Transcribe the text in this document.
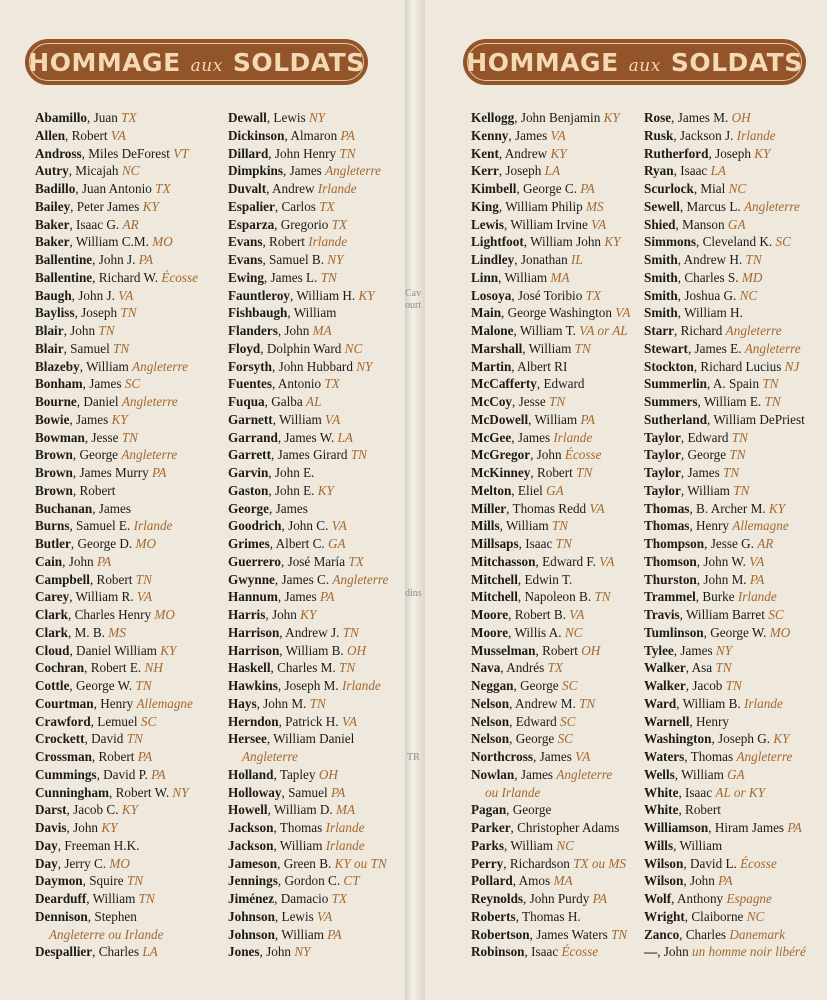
HOMMAGE aux SOLDATS
Abamillo, Juan TX
Allen, Robert VA
Andross, Miles DeForest VT
Autry, Micajah NC
Badillo, Juan Antonio TX
Bailey, Peter James KY
Baker, Isaac G. AR
Baker, William C.M. MO
Ballentine, John J. PA
Ballentine, Richard W. Écosse
Baugh, John J. VA
Bayliss, Joseph TN
Blair, John TN
Blair, Samuel TN
Blazeby, William Angleterre
Bonham, James SC
Bourne, Daniel Angleterre
Bowie, James KY
Bowman, Jesse TN
Brown, George Angleterre
Brown, James Murry PA
Brown, Robert
Buchanan, James
Burns, Samuel E. Irlande
Butler, George D. MO
Cain, John PA
Campbell, Robert TN
Carey, William R. VA
Clark, Charles Henry MO
Clark, M. B. MS
Cloud, Daniel William KY
Cochran, Robert E. NH
Cottle, George W. TN
Courtman, Henry Allemagne
Crawford, Lemuel SC
Crockett, David TN
Crossman, Robert PA
Cummings, David P. PA
Cunningham, Robert W. NY
Darst, Jacob C. KY
Davis, John KY
Day, Freeman H.K.
Day, Jerry C. MO
Daymon, Squire TN
Dearduff, William TN
Dennison, Stephen
Angleterre ou Irlande
Despallier, Charles LA
Dewall, Lewis NY
Dickinson, Almaron PA
Dillard, John Henry TN
Dimpkins, James Angleterre
Duvalt, Andrew Irlande
Espalier, Carlos TX
Esparza, Gregorio TX
Evans, Robert Irlande
Evans, Samuel B. NY
Ewing, James L. TN
Fauntleroy, William H. KY
Fishbaugh, William
Flanders, John MA
Floyd, Dolphin Ward NC
Forsyth, John Hubbard NY
Fuentes, Antonio TX
Fuqua, Galba AL
Garnett, William VA
Garrand, James W. LA
Garrett, James Girard TN
Garvin, John E.
Gaston, John E. KY
George, James
Goodrich, John C. VA
Grimes, Albert C. GA
Guerrero, José María TX
Gwynne, James C. Angleterre
Hannum, James PA
Harris, John KY
Harrison, Andrew J. TN
Harrison, William B. OH
Haskell, Charles M. TN
Hawkins, Joseph M. Irlande
Hays, John M. TN
Herndon, Patrick H. VA
Hersee, William Daniel
Angleterre
Holland, Tapley OH
Holloway, Samuel PA
Howell, William D. MA
Jackson, Thomas Irlande
Jackson, William Irlande
Jameson, Green B. KY ou TN
Jennings, Gordon C. CT
Jiménez, Damacio TX
Johnson, Lewis VA
Johnson, William PA
Jones, John NY
Cav
ourt
dins
TR
HOMMAGE aux SOLDATS
Kellogg, John Benjamin KY
Kenny, James VA
Kent, Andrew KY
Kerr, Joseph LA
Kimbell, George C. PA
King, William Philip MS
Lewis, William Irvine VA
Lightfoot, William John KY
Lindley, Jonathan IL
Linn, William MA
Losoya, José Toribio TX
Main, George Washington VA
Malone, William T. VA or AL
Marshall, William TN
Martin, Albert RI
McCafferty, Edward
McCoy, Jesse TN
McDowell, William PA
McGee, James Irlande
McGregor, John Écosse
McKinney, Robert TN
Melton, Eliel GA
Miller, Thomas Redd VA
Mills, William TN
Millsaps, Isaac TN
Mitchasson, Edward F. VA
Mitchell, Edwin T.
Mitchell, Napoleon B. TN
Moore, Robert B. VA
Moore, Willis A. NC
Musselman, Robert OH
Nava, Andrés TX
Neggan, George SC
Nelson, Andrew M. TN
Nelson, Edward SC
Nelson, George SC
Northcross, James VA
Nowlan, James Angleterre
ou Irlande
Pagan, George
Parker, Christopher Adams
Parks, William NC
Perry, Richardson TX ou MS
Pollard, Amos MA
Reynolds, John Purdy PA
Roberts, Thomas H.
Robertson, James Waters TN
Robinson, Isaac Écosse
Rose, James M. OH
Rusk, Jackson J. Irlande
Rutherford, Joseph KY
Ryan, Isaac LA
Scurlock, Mial NC
Sewell, Marcus L. Angleterre
Shied, Manson GA
Simmons, Cleveland K. SC
Smith, Andrew H. TN
Smith, Charles S. MD
Smith, Joshua G. NC
Smith, William H.
Starr, Richard Angleterre
Stewart, James E. Angleterre
Stockton, Richard Lucius NJ
Summerlin, A. Spain TN
Summers, William E. TN
Sutherland, William DePriest
Taylor, Edward TN
Taylor, George TN
Taylor, James TN
Taylor, William TN
Thomas, B. Archer M. KY
Thomas, Henry Allemagne
Thompson, Jesse G. AR
Thomson, John W. VA
Thurston, John M. PA
Trammel, Burke Irlande
Travis, William Barret SC
Tumlinson, George W. MO
Tylee, James NY
Walker, Asa TN
Walker, Jacob TN
Ward, William B. Irlande
Warnell, Henry
Washington, Joseph G. KY
Waters, Thomas Angleterre
Wells, William GA
White, Isaac AL or KY
White, Robert
Williamson, Hiram James PA
Wills, William
Wilson, David L. Écosse
Wilson, John PA
Wolf, Anthony Espagne
Wright, Claiborne NC
Zanco, Charles Danemark
—, John un homme noir libéré
